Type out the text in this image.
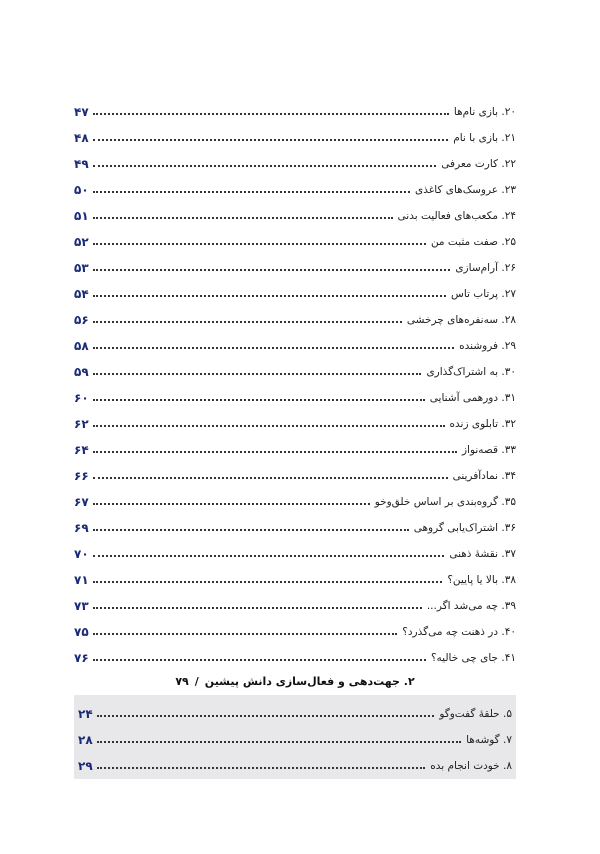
۲۰. بازی نام‌ها
۴۷
۲۱. بازی با نام
۴۸
۲۲. کارت معرفی
۴۹
۲۳. عروسک‌های کاغذی
۵۰
۲۴. مکعب‌های فعالیت بدنی
۵۱
۲۵. صفت مثبت من
۵۲
۲۶. آرام‌سازی
۵۳
۲۷. پرتاب تاس
۵۴
۲۸. سه‌نفره‌های چرخشی
۵۶
۲۹. فروشنده
۵۸
۳۰. به اشتراک‌گذاری
۵۹
۳۱. دورهمی آشنایی
۶۰
۳۲. تابلوی زنده
۶۲
۳۳. قصه‌نواز
۶۴
۳۴. نمادآفرینی
۶۶
۳۵. گروه‌بندی بر اساس خلق‌وخو
۶۷
۳۶. اشتراک‌یابی گروهی
۶۹
۳۷. نقشهٔ ذهنی
۷۰
۳۸. بالا یا پایین؟
۷۱
۳۹. چه می‌شد اگر...
۷۳
۴۰. در ذهنت چه می‌گذرد؟
۷۵
۴۱. جای چی خالیه؟
۷۶
۲. جهت‌دهی و فعال‌سازی دانش پیشین
/
۷۹
۵. حلقهٔ گفت‌وگو
۲۴
۷. گوشه‌ها
۲۸
۸. خودت انجام بده
۲۹
